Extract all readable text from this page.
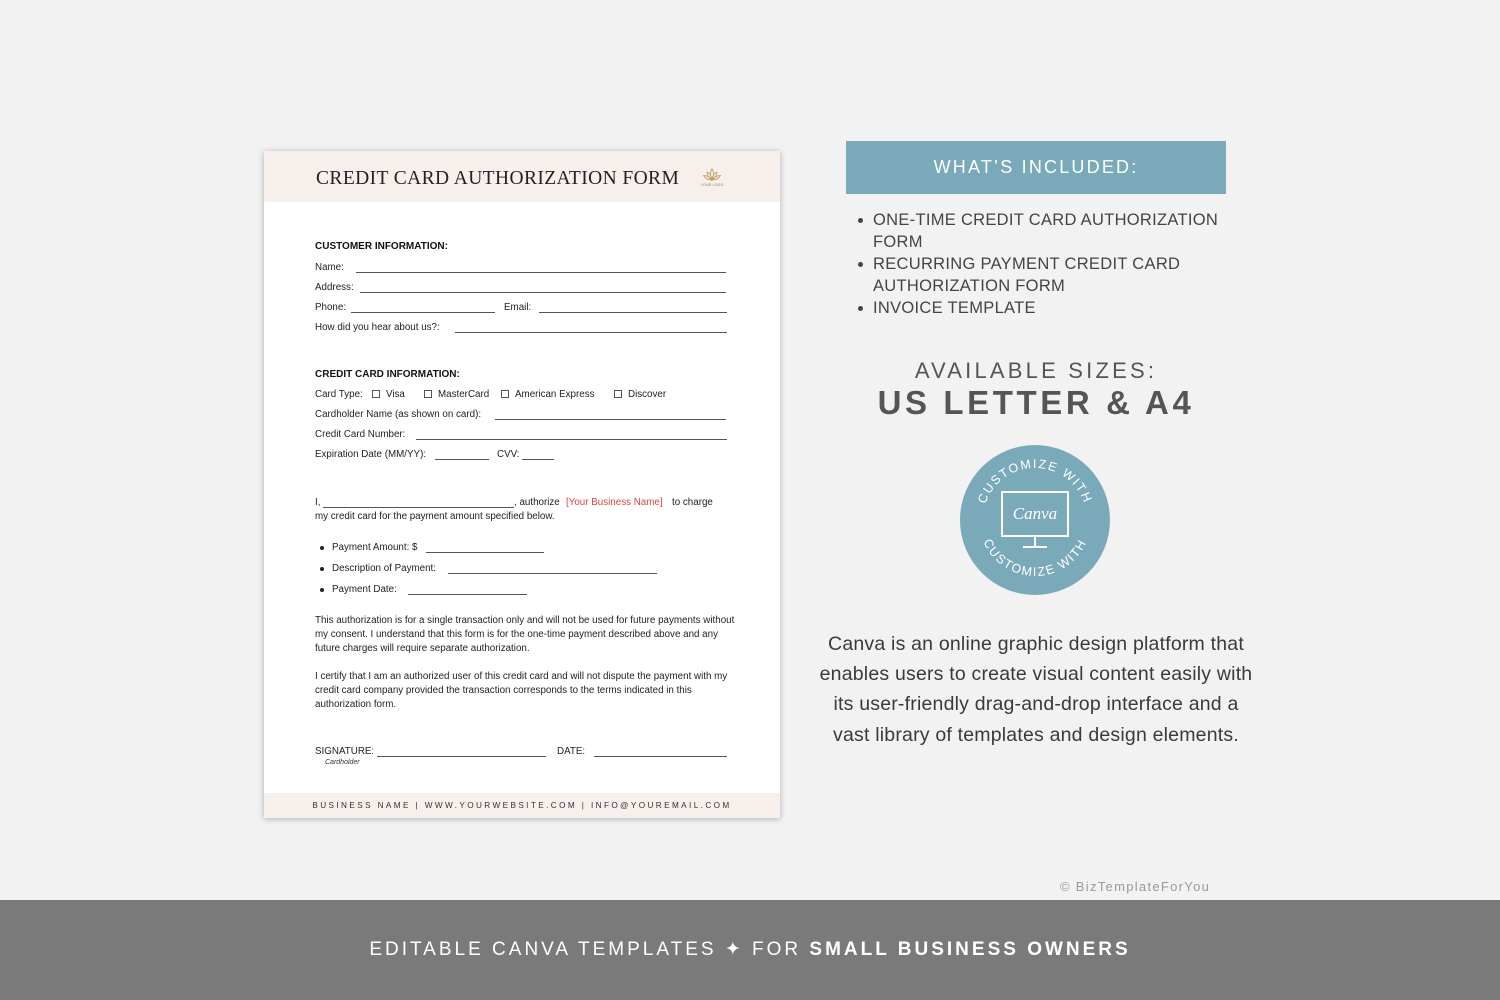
CREDIT CARD AUTHORIZATION FORM	YOUR LOGO
CUSTOMER INFORMATION:
Name:
Address:
Phone:	Email:
How did you hear about us?:
CREDIT CARD INFORMATION:
Card Type: Visa	MasterCard	American Express	Discover
Cardholder Name (as shown on card):
Credit Card Number:
Expiration Date (MM/YY):	CVV:
I,	, authorize [Your Business Name] to charge
my credit card for the payment amount specified below.
Payment Amount: $
Description of Payment:
Payment Date:
This authorization is for a single transaction only and will not be used for future payments without my consent. I understand that this form is for the one-time payment described above and any future charges will require separate authorization.
I certify that I am an authorized user of this credit card and will not dispute the payment with my credit card company provided the transaction corresponds to the terms indicated in this authorization form.
SIGNATURE:
Cardholder
DATE:
BUSINESS NAME | WWW.YOURWEBSITE.COM | INFO@YOUREMAIL.COM
WHAT’S INCLUDED:
ONE-TIME CREDIT CARD AUTHORIZATION FORM
RECURRING PAYMENT CREDIT CARD AUTHORIZATION FORM
INVOICE TEMPLATE
AVAILABLE SIZES:
US LETTER & A4
CUSTOMIZE WITH
CUSTOMIZE WITH
Canva
Canva is an online graphic design platform that enables users to create visual content easily with its user-friendly drag-and-drop interface and a vast library of templates and design elements.
© BizTemplateForYou
EDITABLE CANVA TEMPLATES ✦ FOR SMALL BUSINESS OWNERS
